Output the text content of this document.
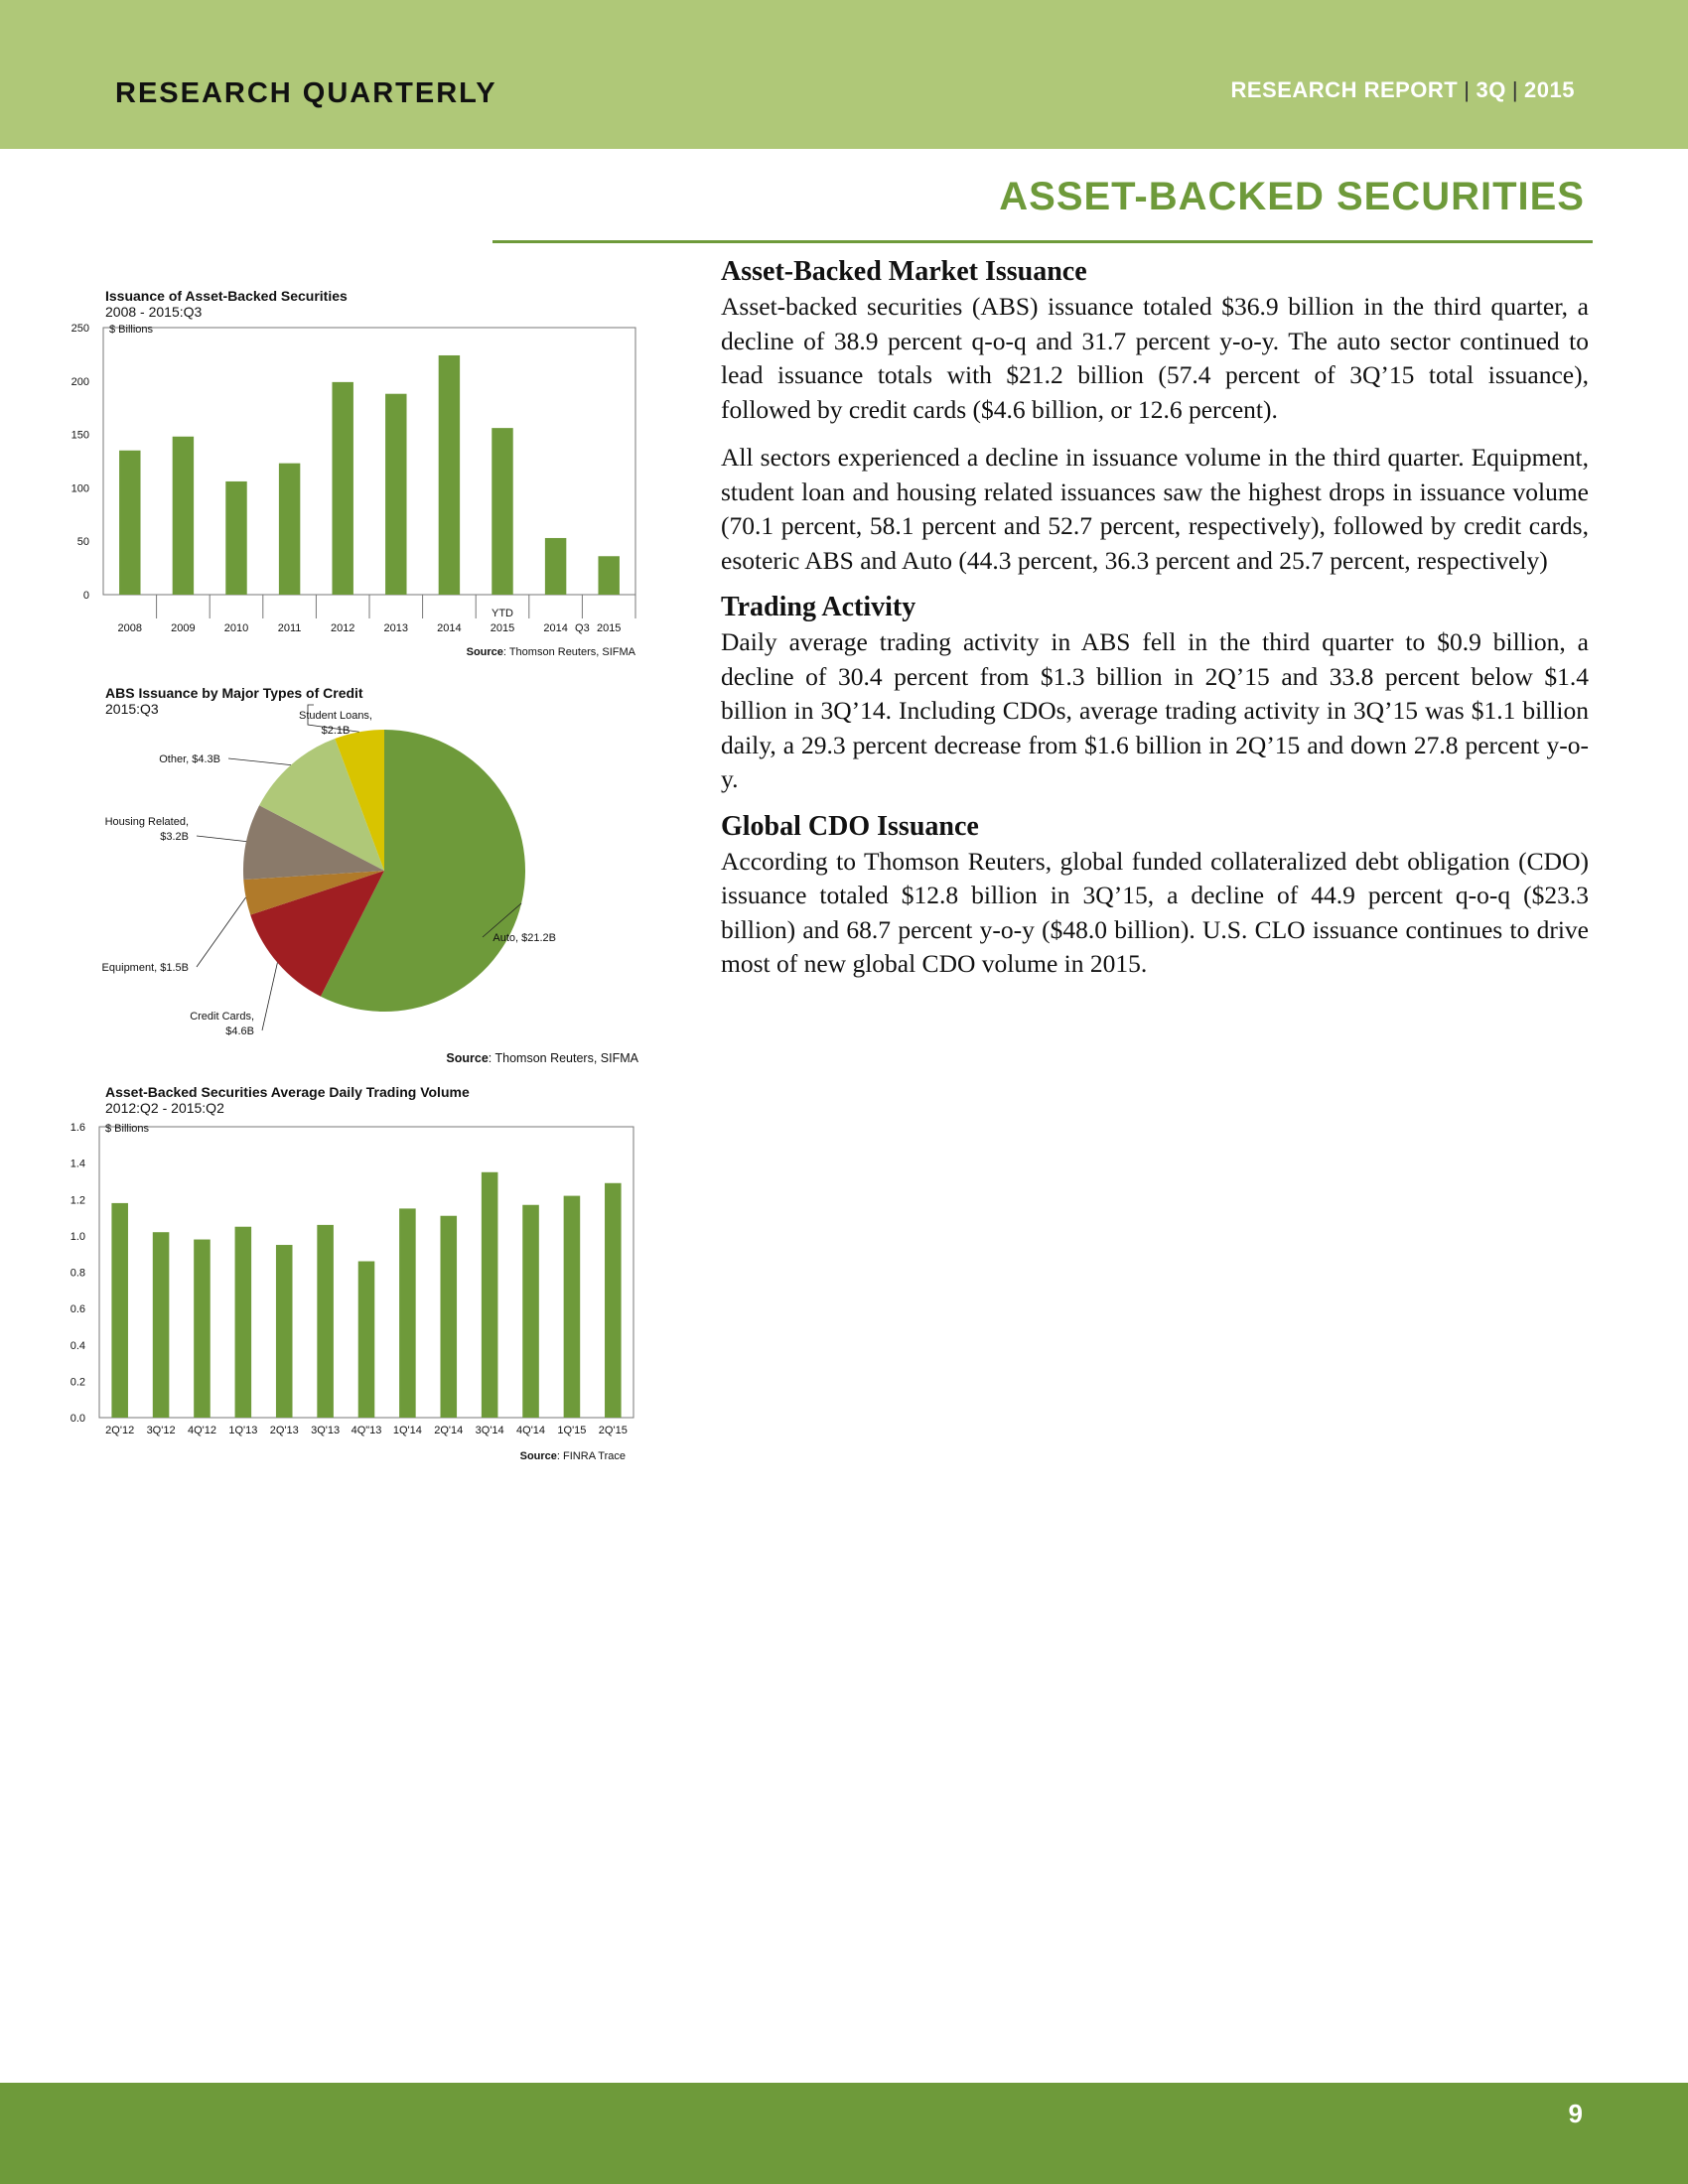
RESEARCH QUARTERLY	RESEARCH REPORT | 3Q | 2015
ASSET-BACKED SECURITIES
Issuance of Asset-Backed Securities
2008 - 2015:Q3
$ Billions
0
50
100
150
200
250
2008	2009	2010	2011	2012	2013	2014
YTD
2015	2014	2015
Q3
Source: Thomson Reuters, SIFMA
ABS Issuance by Major Types of Credit
2015:Q3
Auto, $21.2B
Credit Cards,
$4.6B
Equipment, $1.5B
Housing Related,
$3.2B
Other, $4.3B
Student Loans,
$2.1B
Source: Thomson Reuters, SIFMA
Asset-Backed Securities Average Daily Trading Volume
2012:Q2 - 2015:Q2
$ Billions
0.0
0.2
0.4
0.6
0.8
1.0
1.2
1.4
1.6
2Q'12 3Q'12 4Q'12 1Q'13 2Q'13 3Q'13 4Q"13 1Q'14 2Q'14 3Q'14 4Q'14 1Q'15 2Q'15
Source: FINRA Trace
Asset-Backed Market Issuance

Asset-backed securities (ABS) issuance totaled $36.9 billion in the third quarter, a decline of 38.9 percent q-o-q and 31.7 percent y-o-y. The auto sector continued to lead issuance totals with $21.2 billion (57.4 percent of 3Q’15 total issuance), followed by credit cards ($4.6 billion, or 12.6 percent).

All sectors experienced a decline in issuance volume in the third quarter. Equipment, student loan and housing related issuances saw the highest drops in issuance volume (70.1 percent, 58.1 percent and 52.7 percent, respectively), followed by credit cards, esoteric ABS and Auto (44.3 percent, 36.3 percent and 25.7 percent, respectively)

Trading Activity

Daily average trading activity in ABS fell in the third quarter to $0.9 billion, a decline of 30.4 percent from $1.3 billion in 2Q’15 and 33.8 percent below $1.4 billion in 3Q’14. Including CDOs, average trading activity in 3Q’15 was $1.1 billion daily, a 29.3 percent decrease from $1.6 billion in 2Q’15 and down 27.8 percent y-o-y.

Global CDO Issuance

According to Thomson Reuters, global funded collateralized debt obligation (CDO) issuance totaled $12.8 billion in 3Q’15, a decline of 44.9 percent q-o-q ($23.3 billion) and 68.7 percent y-o-y ($48.0 billion). U.S. CLO issuance continues to drive most of new global CDO volume in 2015.

9
